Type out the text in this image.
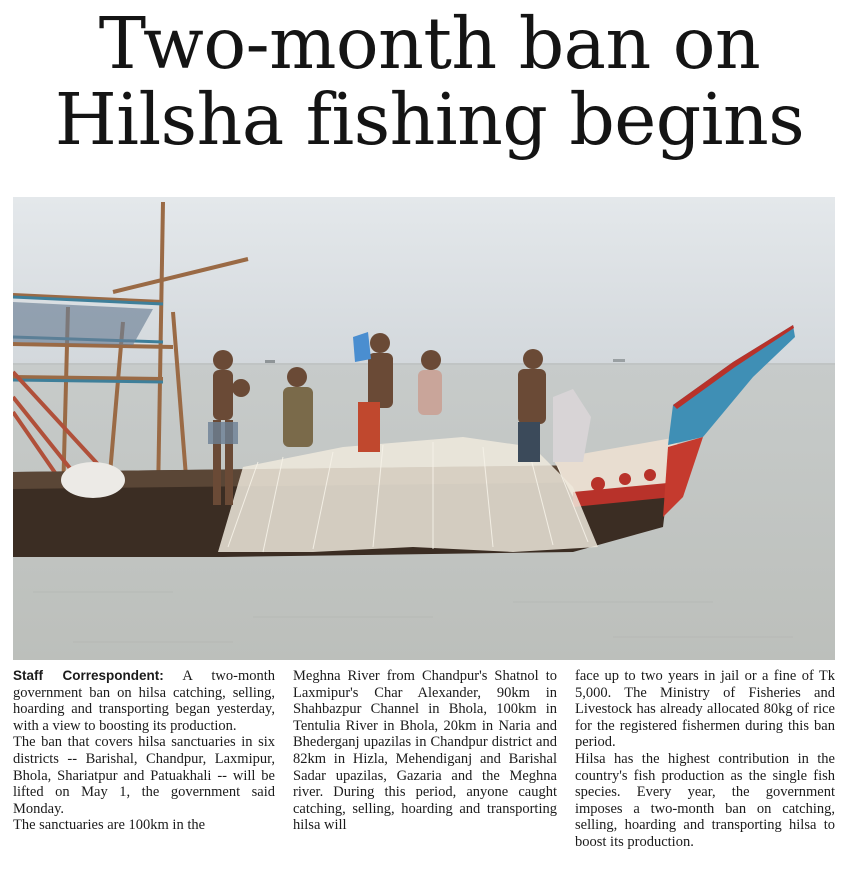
Two-month ban on
Hilsha fishing begins

Staff Correspondent: A two-month government ban on hilsa catching, selling, hoarding and transporting began yesterday, with a view to boosting its production.

The ban that covers hilsa sanctuaries in six districts -- Barishal, Chandpur, Laxmipur, Bhola, Shariatpur and Patuakhali -- will be lifted on May 1, the government said Monday.

The sanctuaries are 100km in the

Meghna River from Chandpur's Shatnol to Laxmipur's Char Alexander, 90km in Shahbazpur Channel in Bhola, 100km in Tentulia River in Bhola, 20km in Naria and Bhederganj upazilas in Chandpur district and 82km in Hizla, Mehendiganj and Barishal Sadar upazilas, Gazaria and the Meghna river. During this period, anyone caught catching, selling, hoarding and transporting hilsa will

face up to two years in jail or a fine of Tk 5,000. The Ministry of Fisheries and Livestock has already allocated 80kg of rice for the registered fishermen during this ban period.

Hilsa has the highest contribution in the country's fish production as the single fish species. Every year, the government imposes a two-month ban on catching, selling, hoarding and transporting hilsa to boost its production.
